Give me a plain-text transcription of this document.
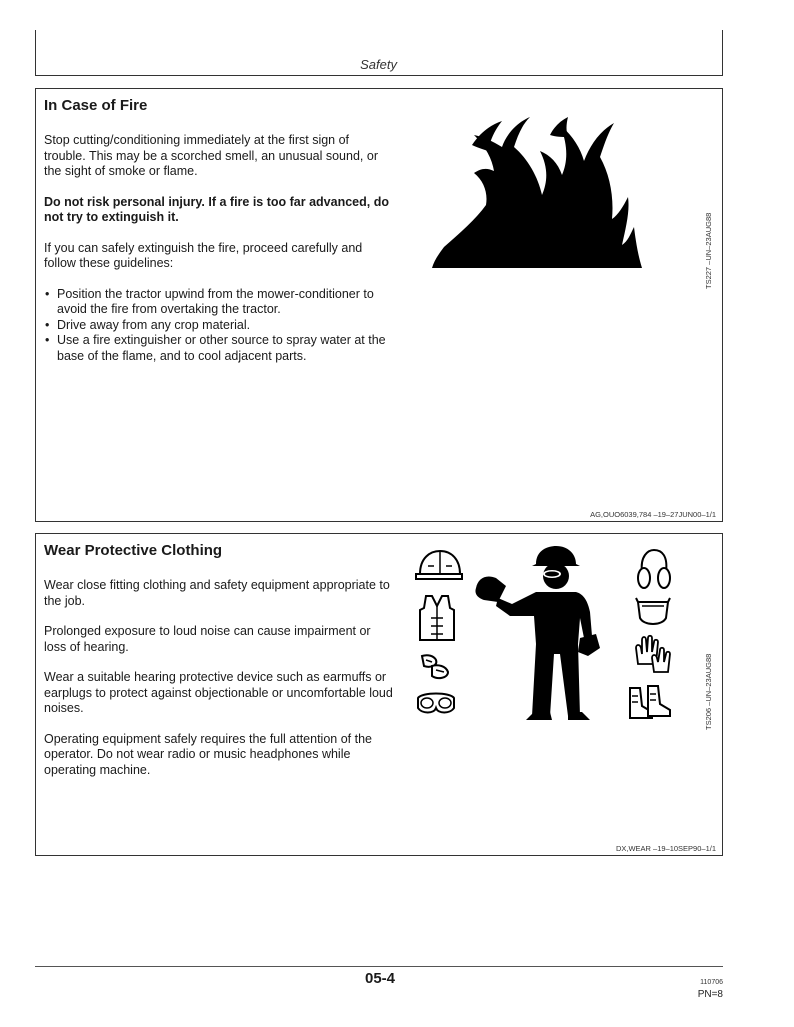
Safety
In Case of Fire

Stop cutting/conditioning immediately at the first sign of trouble. This may be a scorched smell, an unusual sound, or the sight of smoke or flame.

Do not risk personal injury. If a fire is too far advanced, do not try to extinguish it.

If you can safely extinguish the fire, proceed carefully and follow these guidelines:

• Position the tractor upwind from the mower-conditioner to avoid the fire from overtaking the tractor.
• Drive away from any crop material.
• Use a fire extinguisher or other source to spray water at the base of the flame, and to cool adjacent parts.
TS227 –UN–23AUG88
AG,OUO6039,784 –19–27JUN00–1/1
Wear Protective Clothing

Wear close fitting clothing and safety equipment appropriate to the job.

Prolonged exposure to loud noise can cause impairment or loss of hearing.

Wear a suitable hearing protective device such as earmuffs or earplugs to protect against objectionable or uncomfortable loud noises.

Operating equipment safely requires the full attention of the operator. Do not wear radio or music headphones while operating machine.

TS206 –UN–23AUG88
DX,WEAR –19–10SEP90–1/1
05-4	110706
PN=8
